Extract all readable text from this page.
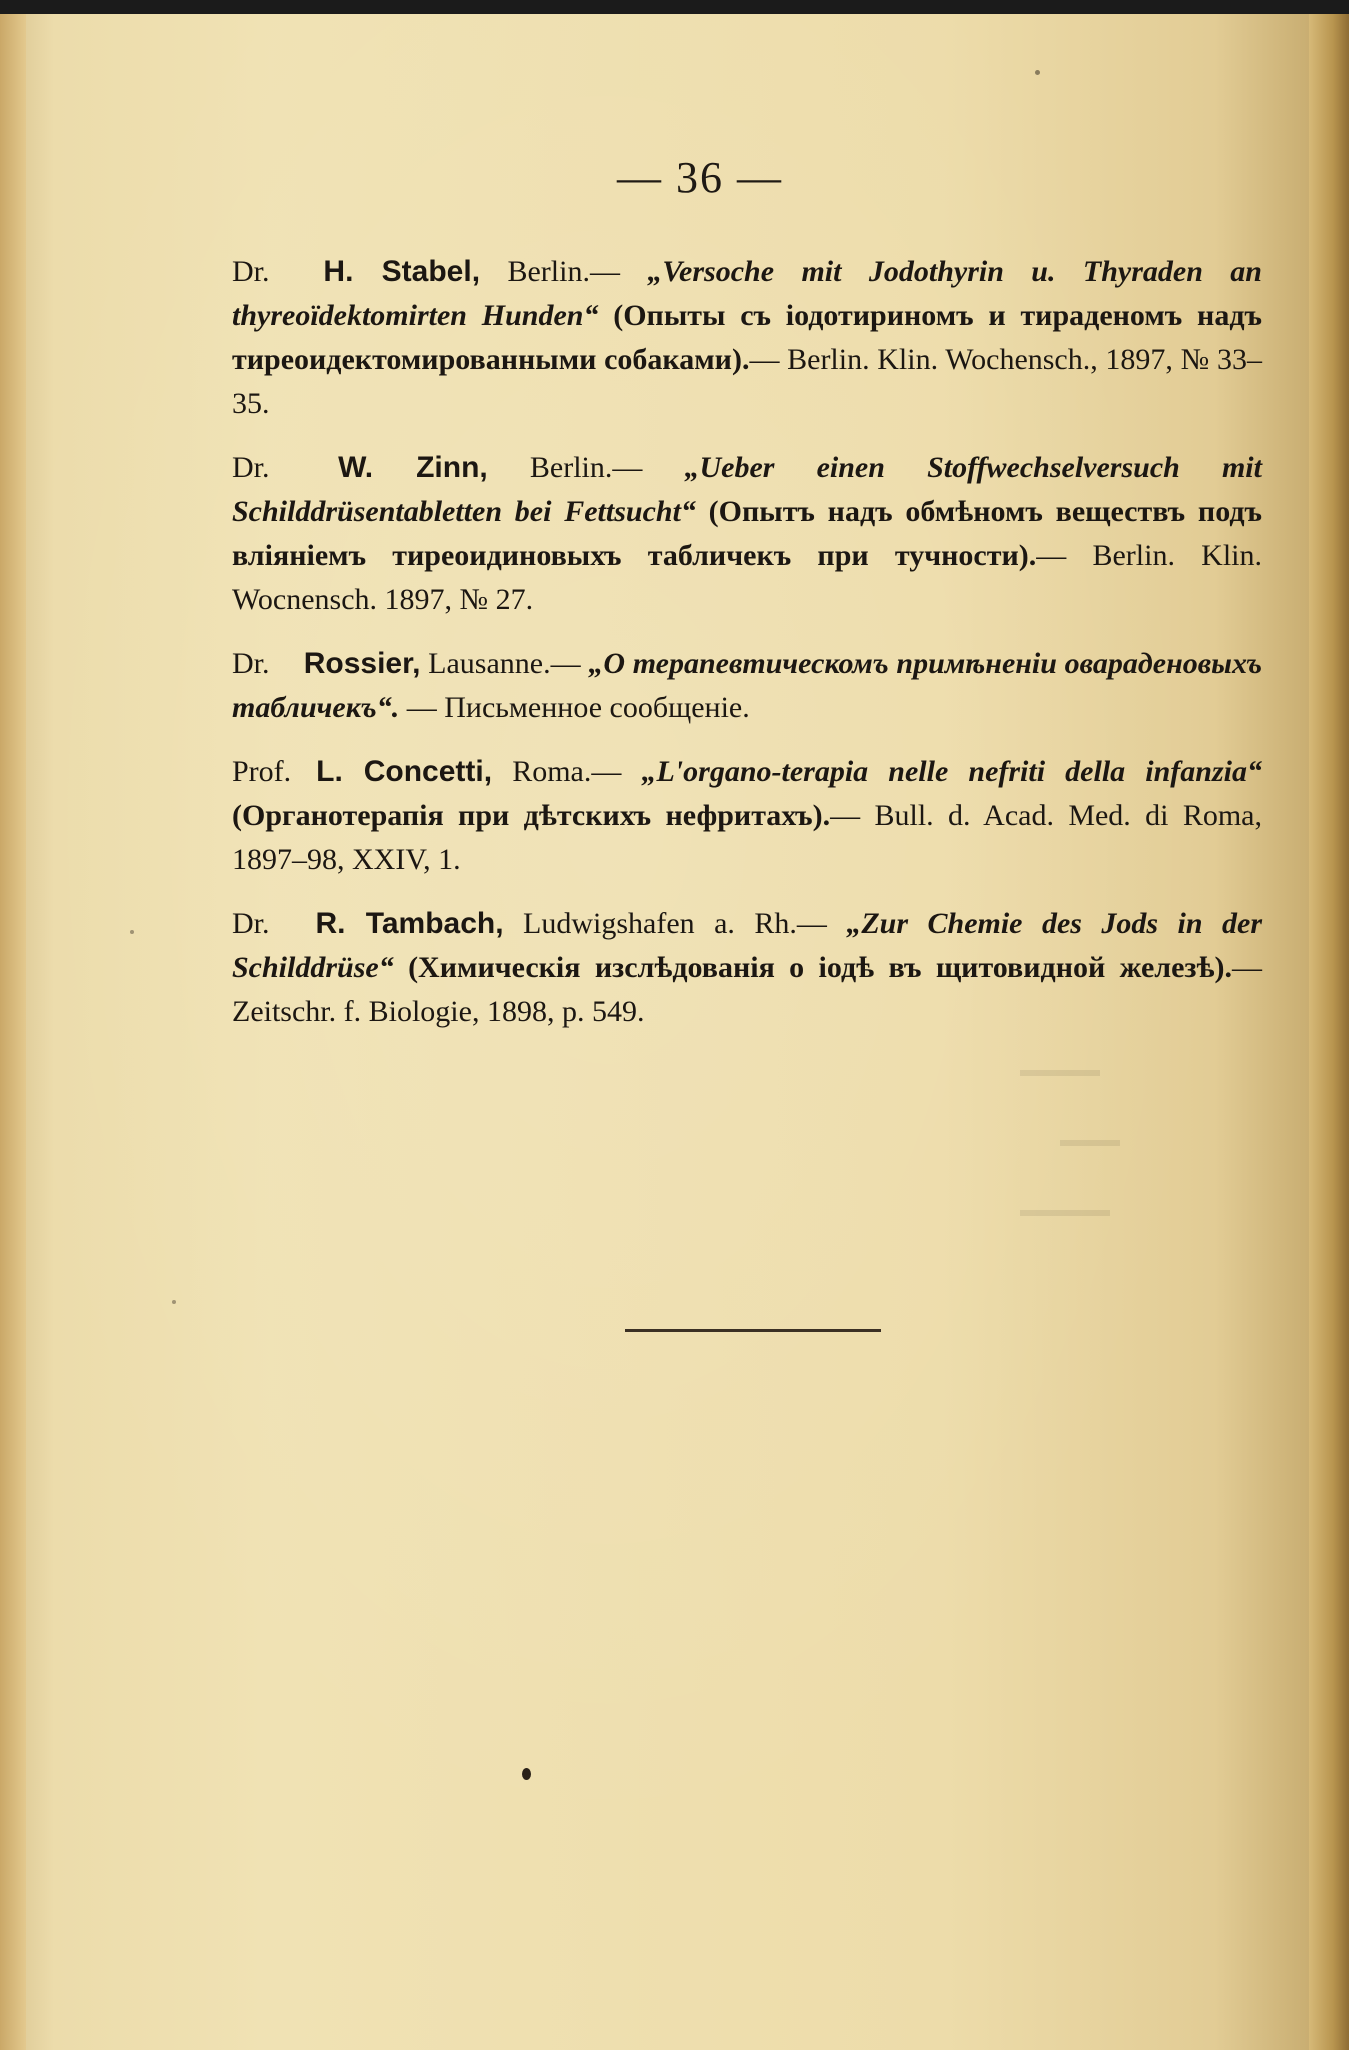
— 36 —

Dr. H. Stabel, Berlin.— „Versoche mit Jodothyrin u. Thyraden an thyreoïdektomirten Hunden“ (Опыты съ іодотириномъ и тираденомъ надъ тиреоидектомированными собаками).— Berlin. Klin. Wochensch., 1897, № 33–35.

Dr. W. Zinn, Berlin.— „Ueber einen Stoffwechselversuch mit Schilddrüsentabletten bei Fettsucht“ (Опытъ надъ обмѣномъ веществъ подъ вліяніемъ тиреоидиновыхъ табличекъ при тучности).— Berlin. Klin. Wocnensch. 1897, № 27.

Dr. Rossier, Lausanne.— „О терапевтическомъ примѣненіи овараденовыхъ табличекъ“. — Письменное сообщеніе.

Prof. L. Concetti, Roma.— „L'organo-terapia nelle nefriti della infanzia“ (Органотерапія при дѣтскихъ нефритахъ).— Bull. d. Acad. Med. di Roma, 1897–98, XXIV, 1.

Dr. R. Tambach, Ludwigshafen a. Rh.— „Zur Chemie des Jods in der Schilddrüse“ (Химическія изслѣдованія о іодѣ въ щитовидной железѣ).— Zeitschr. f. Biologie, 1898, p. 549.
